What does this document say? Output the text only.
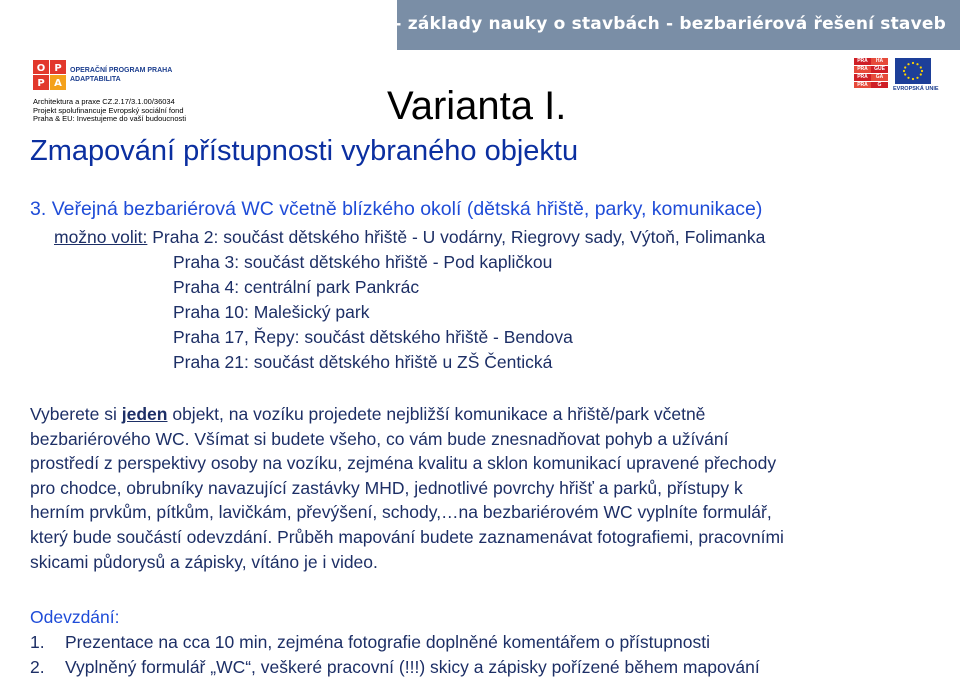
NS I - základy nauky o stavbách - bezbariérová řešení staveb
O P
P A
OPERAČNÍ PROGRAM PRAHA
ADAPTABILITA
Architektura a praxe CZ.2.17/3.1.00/36034
Projekt spolufinancuje Evropský sociální fond
Praha & EU: Investujeme do vaší budoucnosti
PRA	HA
PRA	GUE
PRA	GA
PRA	G
EVROPSKÁ UNIE
Varianta I.
Zmapování přístupnosti vybraného objektu
3. Veřejná bezbariérová WC včetně blízkého okolí (dětská hřiště, parky, komunikace)
možno volit: Praha 2: součást dětského hřiště - U vodárny, Riegrovy sady, Výtoň, Folimanka
Praha 3: součást dětského hřiště - Pod kapličkou
Praha 4: centrální park Pankrác
Praha 10: Malešický park
Praha 17, Řepy: součást dětského hřiště - Bendova
Praha 21: součást dětského hřiště u ZŠ Čentická
Vyberete si jeden objekt, na vozíku projedete nejbližší komunikace a hřiště/park včetně
bezbariérového WC. Všímat si budete všeho, co vám bude znesnadňovat pohyb a užívání
prostředí z perspektivy osoby na vozíku, zejména kvalitu a sklon komunikací upravené přechody
pro chodce, obrubníky navazující zastávky MHD, jednotlivé povrchy hřišť a parků, přístupy k
herním prvkům, pítkům, lavičkám, převýšení, schody,…na bezbariérovém WC vyplníte formulář,
který bude součástí odevzdání. Průběh mapování budete zaznamenávat fotografiemi, pracovními
skicami půdorysů a zápisky, vítáno je i video.
Odevzdání:
1. Prezentace na cca 10 min, zejména fotografie doplněné komentářem o přístupnosti
2. Vyplněný formulář „WC“, veškeré pracovní (!!!) skicy a zápisky pořízené během mapování
